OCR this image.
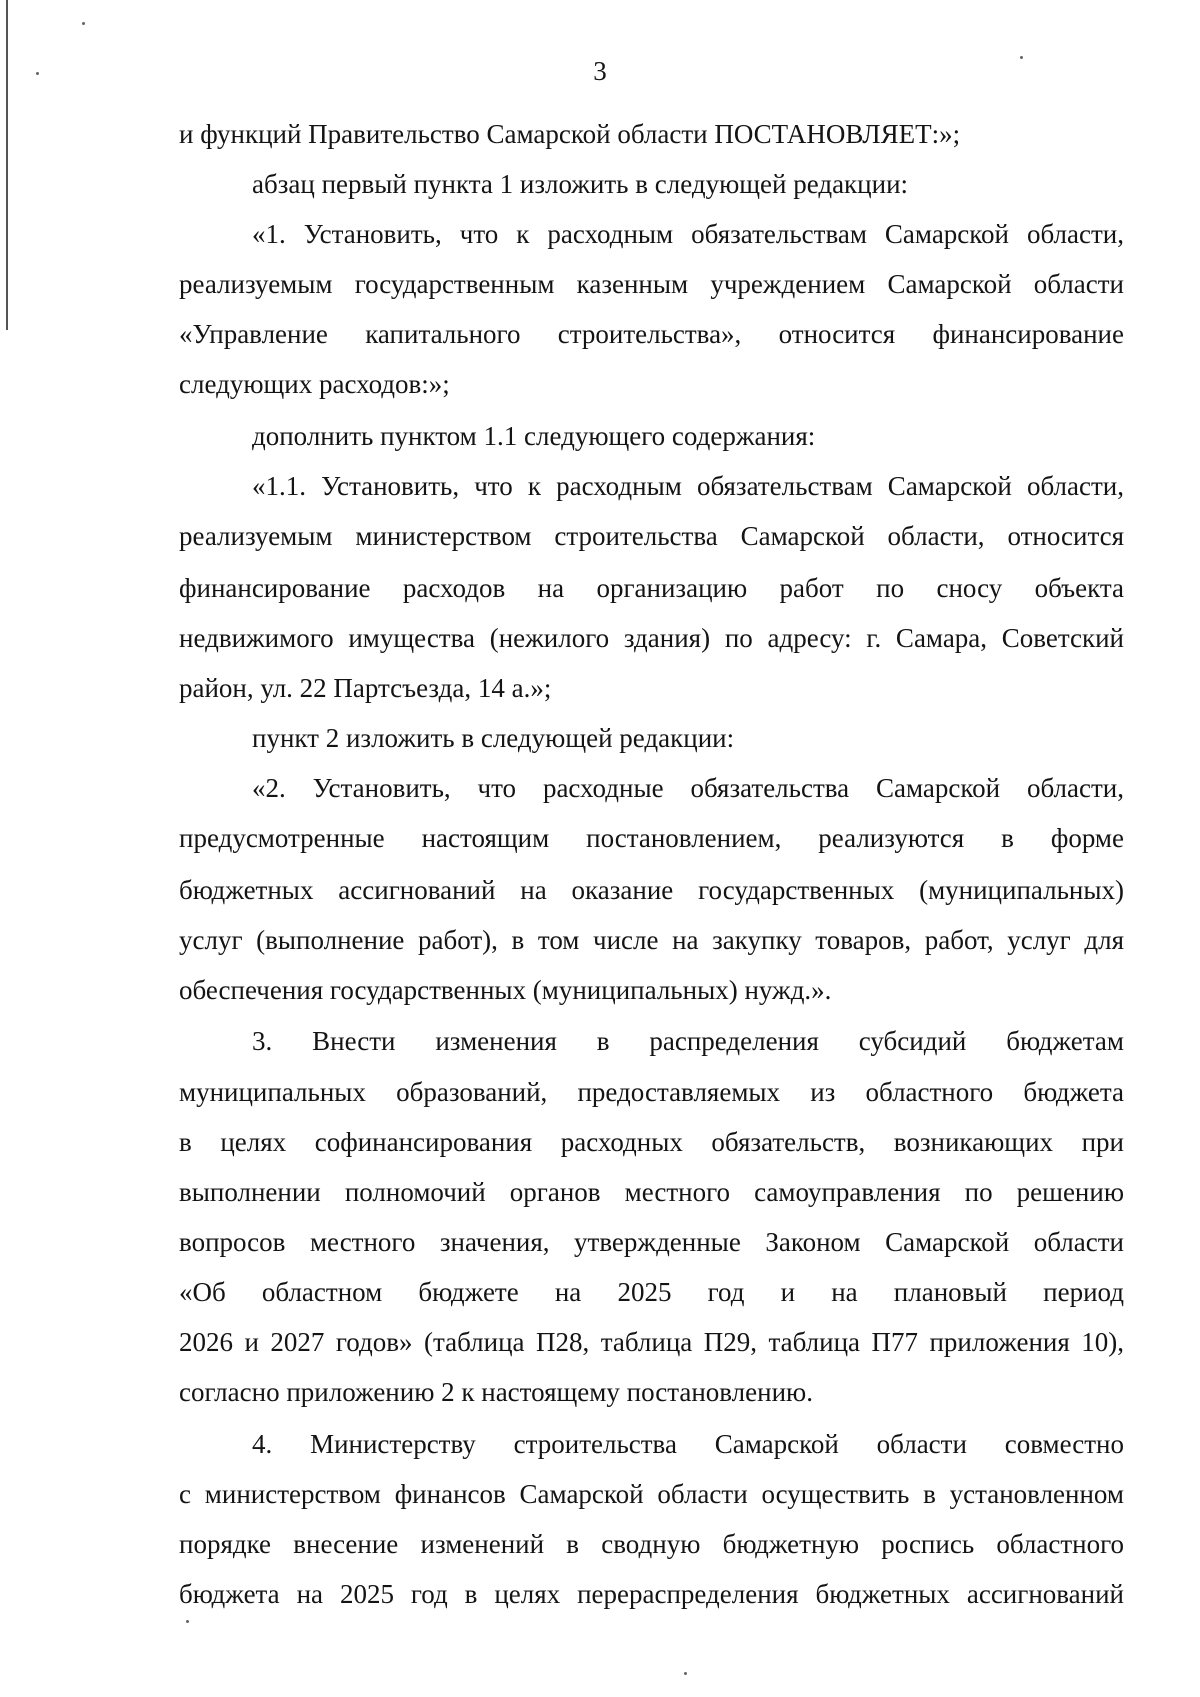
3
и функций Правительство Самарской области ПОСТАНОВЛЯЕТ:»;
абзац первый пункта 1 изложить в следующей редакции:
«1. Установить, что к расходным обязательствам Самарской области,
реализуемым государственным казенным учреждением Самарской области
«Управление капитального строительства», относится финансирование
следующих расходов:»;
дополнить пунктом 1.1 следующего содержания:
«1.1. Установить, что к расходным обязательствам Самарской области,
реализуемым министерством строительства Самарской области, относится
финансирование расходов на организацию работ по сносу объекта
недвижимого имущества (нежилого здания) по адресу: г. Самара, Советский
район, ул. 22 Партсъезда, 14 а.»;
пункт 2 изложить в следующей редакции:
«2. Установить, что расходные обязательства Самарской области,
предусмотренные настоящим постановлением, реализуются в форме
бюджетных ассигнований на оказание государственных (муниципальных)
услуг (выполнение работ), в том числе на закупку товаров, работ, услуг для
обеспечения государственных (муниципальных) нужд.».
3. Внести изменения в распределения субсидий бюджетам
муниципальных образований, предоставляемых из областного бюджета
в целях софинансирования расходных обязательств, возникающих при
выполнении полномочий органов местного самоуправления по решению
вопросов местного значения, утвержденные Законом Самарской области
«Об областном бюджете на 2025 год и на плановый период
2026 и 2027 годов» (таблица П28, таблица П29, таблица П77 приложения 10),
согласно приложению 2 к настоящему постановлению.
4. Министерству строительства Самарской области совместно
с министерством финансов Самарской области осуществить в установленном
порядке внесение изменений в сводную бюджетную роспись областного
бюджета на 2025 год в целях перераспределения бюджетных ассигнований
